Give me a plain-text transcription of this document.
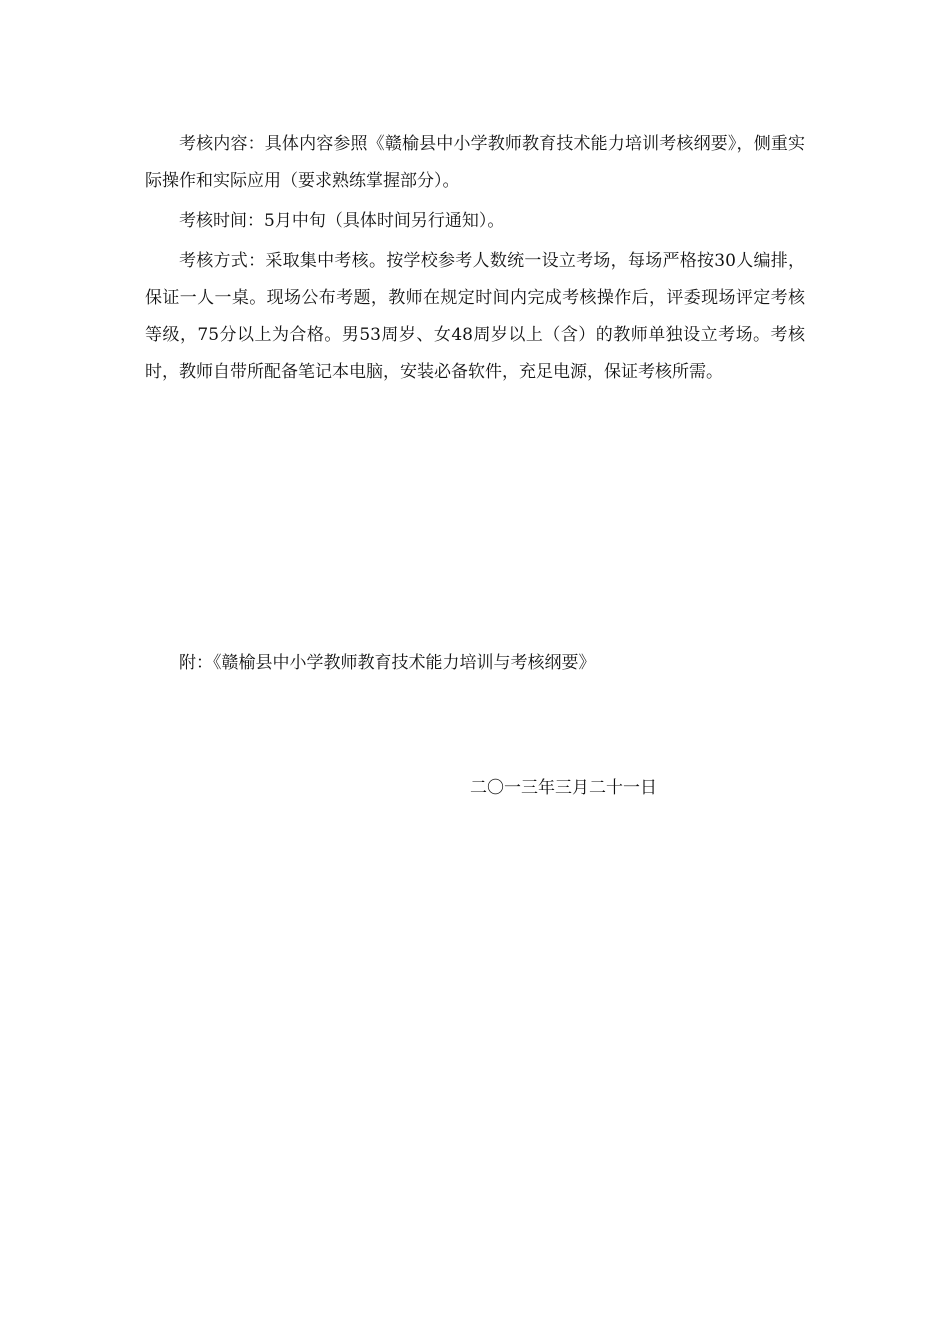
考核内容：具体内容参照《赣榆县中小学教师教育技术能力培训考核纲要》，侧重实际操作和实际应用（要求熟练掌握部分）。

考核时间：5月中旬（具体时间另行通知）。

考核方式：采取集中考核。按学校参考人数统一设立考场，每场严格按30人编排，保证一人一桌。现场公布考题，教师在规定时间内完成考核操作后，评委现场评定考核等级，75分以上为合格。男53周岁、女48周岁以上（含）的教师单独设立考场。考核时，教师自带所配备笔记本电脑，安装必备软件，充足电源，保证考核所需。

附：《赣榆县中小学教师教育技术能力培训与考核纲要》

二〇一三年三月二十一日
